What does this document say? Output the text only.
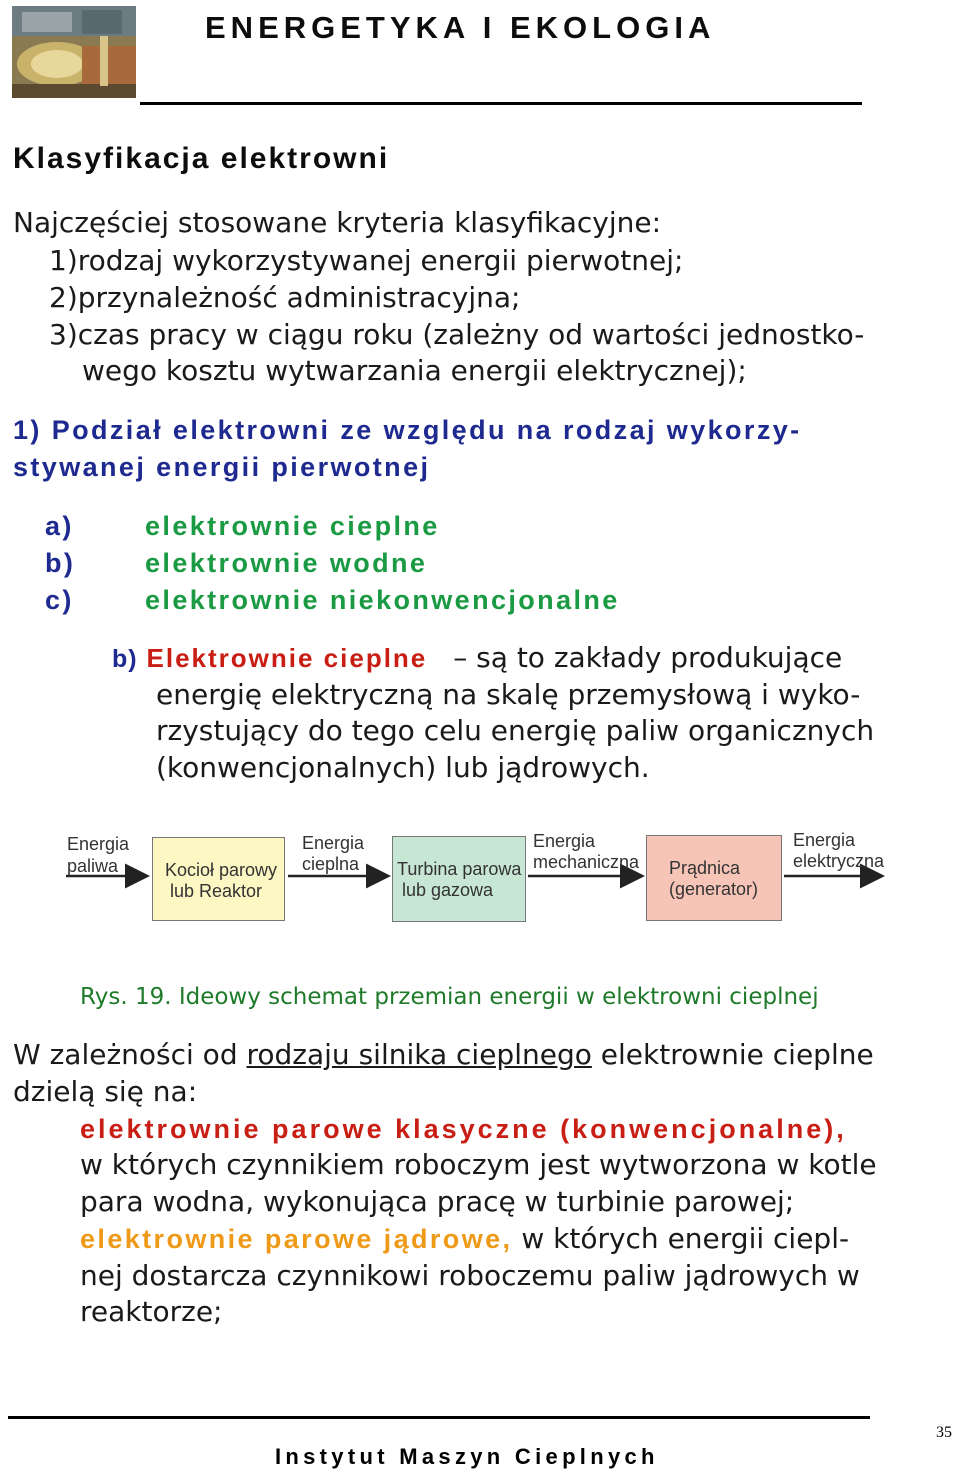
ENERGETYKA I EKOLOGIA
Klasyfikacja elektrowni
Najczęściej stosowane kryteria klasyfikacyjne:
1)rodzaj wykorzystywanej energii pierwotnej;
2)przynależność administracyjna;
3)czas pracy w ciągu roku (zależny od wartości jednostko-
wego kosztu wytwarzania energii elektrycznej);
1) Podział elektrowni ze względu na rodzaj wykorzy-
stywanej energii pierwotnej
a)	elektrownie cieplne
b)	elektrownie wodne
c)	elektrownie niekonwencjonalne
b) Elektrownie cieplne – są to zakłady produkujące
energię elektryczną na skalę przemysłową i wyko-
rzystujący do tego celu energię paliw organicznych
(konwencjonalnych) lub jądrowych.
Energia
paliwa	Kocioł parowy
lub Reaktor
Energia
cieplna Turbina parowa
lub gazowa
Energia
mechaniczna Prądnica
(generator)
Energia
elektryczna
Rys. 19. Ideowy schemat przemian energii w elektrowni cieplnej
W zależności od rodzaju silnika cieplnego elektrownie cieplne
dzielą się na:
elektrownie parowe klasyczne (konwencjonalne),
w których czynnikiem roboczym jest wytworzona w kotle
para wodna, wykonująca pracę w turbinie parowej;
elektrownie parowe jądrowe, w których energii ciepl-
nej dostarcza czynnikowi roboczemu paliw jądrowych w
reaktorze;
35
Instytut Maszyn Cieplnych
